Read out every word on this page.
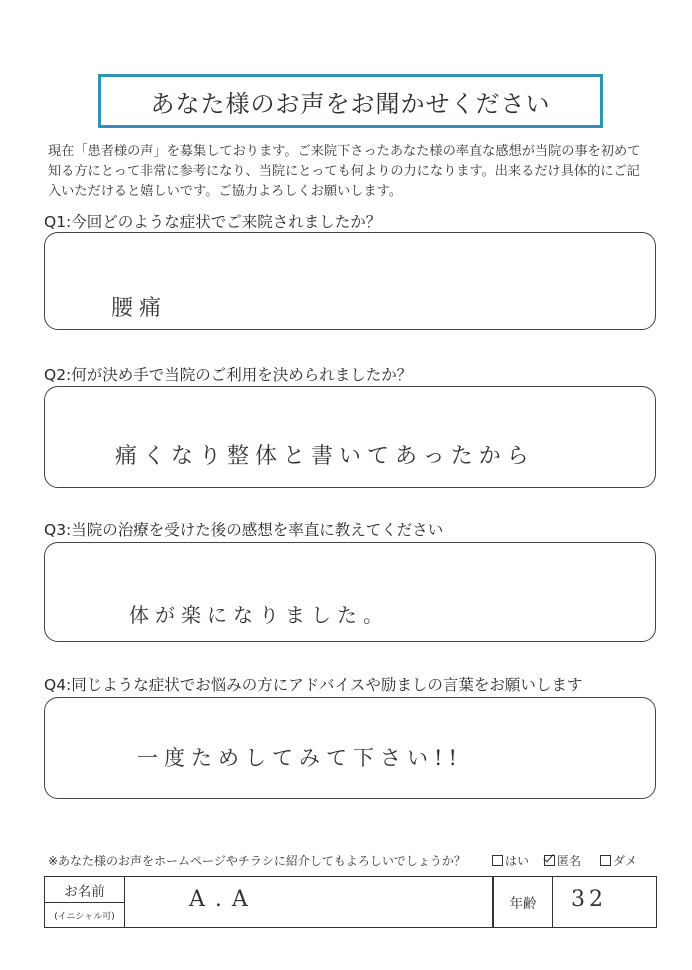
あなた様のお声をお聞かせください
現在「患者様の声」を募集しております。ご来院下さったあなた様の率直な感想が当院の事を初めて
知る方にとって非常に参考になり、当院にとっても何よりの力になります。出来るだけ具体的にご記
入いただけると嬉しいです。ご協力よろしくお願いします。
Q1:今回どのような症状でご来院されましたか？
腰痛
Q2:何が決め手で当院のご利用を決められましたか？
痛くなり整体と書いてあったから
Q3:当院の治療を受けた後の感想を率直に教えてください
体が楽になりました。
Q4:同じような症状でお悩みの方にアドバイスや励ましの言葉をお願いします
一度ためしてみて下さい!!
※あなた様のお声をホームページやチラシに紹介してもよろしいでしょうか？	はい 匿名	ダメ
お名前
(イニシャル可)
A.A	年齢	32
